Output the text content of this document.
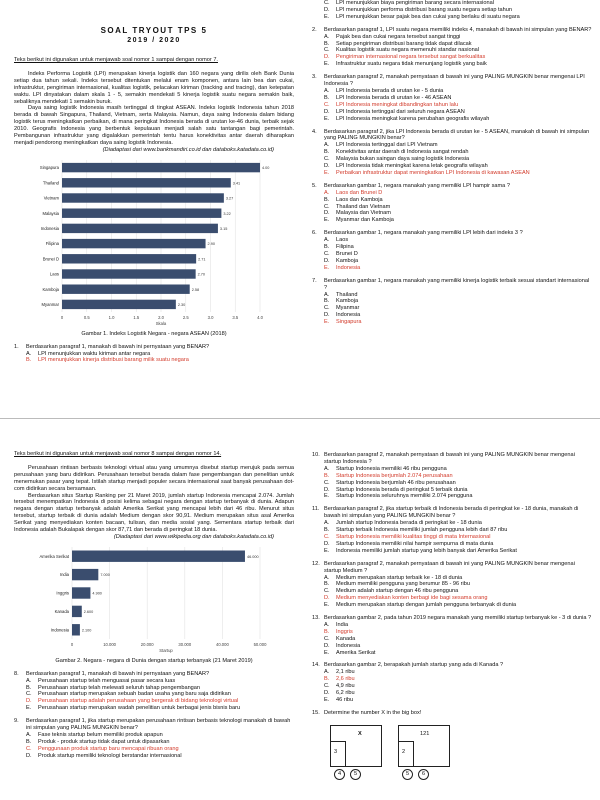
SOAL TRYOUT TPS 5
2019 / 2020
Teks berikut ini digunakan untuk menjawab soal nomor 1 sampai dengan nomor 7.

Indeks Performa Logistik (LPI) merupakan kinerja logistik dan 160 negara yang dirilis oleh Bank Dunia setiap dua tahun sekali. Indeks tersebut ditentukan melalui enam komponen, antara lain bea dan cukai, infrastruktur, pengiriman internasional, kualitas logistik, pelacakan kiriman (tracking and tracing), dan ketepatan waktu. LPI dinyatakan dalam skala 1 - 5, semakin mendekati 5 kinerja logistik suatu negara semakin baik, sebaliknya mendekati 1 semakin buruk.

Daya saing logistik Indonesia masih tertinggal di tingkat ASEAN. Indeks logistik Indonesia tahun 2018 berada di bawah Singapura, Thailand, Vietnam, serta Malaysia. Namun, daya saing Indonesia dalam bidang logistik terus meningkatkan perbaikan, di mana peringkat Indonesia berada di urutan ke-46 dunia, terbaik sejak 2010. Geografis Indonesia yang berbentuk kepulauan menjadi salah satu tantangan bagi pemerintah. Pembangunan infrastruktur yang digalakkan pemerintah tentu harus konektivitas antar daerah diharapkan menjadi pendorong meningkatkan daya saing logistik Indonesia.

(Diadaptasi dari www.bankmandiri.co.id dan databoks.katadata.co.id)
0	0.5	1.0	1.5	2.0	2.5	3.0	3.5	4.0
Skala
Singapura	4.00
Thailand	3.41
Vietnam	3.27
Malaysia	3.22
Indonesia	3.15
Filipina	2.90
Brunei D	2.71
Laos	2.70
Kamboja	2.58
Myanmar	2.30
Gambar 1. Indeks Logistik Negara - negara ASEAN (2018)
1.	Berdasarkan paragraf 1, manakah di bawah ini pernyataan yang BENAR?
A.	LPI menunjukkan waktu kiriman antar negara
B.	LPI menunjukkan kinerja distribusi barang milik suatu negara
C.	LPI menunjukkan biaya pengiriman barang secara internasional
D.	LPI menunjukkan performa distribusi barang suatu negara setiap tahun
E.	LPI menunjukkan besar pajak bea dan cukai yang berlaku di suatu negara
2.	Berdasarkan paragraf 1, LPI suatu negara memiliki indeks 4, manakah di bawah ini simpulan yang BENAR?
A.	Pajak bea dan cukai negara tersebut sangat tinggi
B.	Setiap pengiriman distribusi barang tidak dapat dilacak
C.	Kualitas logistik suatu negara memenuhi standar nasional
D.	Pengiriman internasional negara tersebut sangat berkualitas
E.	Infrastruktur suatu negara tidak menunjang logistik yang baik
3.	Berdasarkan paragraf 2, manakah pernyataan di bawah ini yang PALING MUNGKIN benar mengenai LPI Indonesia ?
A.	LPI Indonesia berada di urutan ke - 5 dunia
B.	LPI Indonesia berada di urutan ke - 46 ASEAN
C.	LPI Indonesia meningkat dibandingkan tahun lalu
D.	LPI Indonesia tertinggal dari seluruh negara ASEAN
E.	LPI Indonesia meningkat karena perubahan geografis wilayah
4.	Berdasarkan paragraf 2, jika LPI Indonesia berada di urutan ke - 5 ASEAN, manakah di bawah ini simpulan yang PALING MUNGKIN benar?
A.	LPI Indonesia tertinggal dari LPI Vietnam
B.	Konektivitas antar daerah di Indonesia sangat rendah
C.	Malaysia bukan saingan daya saing logistik Indonesia
D.	LPI Indonesia tidak meningkat karena letak geografis wilayah
E.	Perbaikan infrastruktur dapat meningkatkan LPI Indonesia di kawasan ASEAN
5.	Berdasarkan gambar 1, negara manakah yang memiliki LPI hampir sama ?
A.	Laos dan Brunei D
B.	Laos dan Kamboja
C.	Thailand dan Vietnam
D.	Malaysia dan Vietnam
E.	Myanmar dan Kamboja
6.	Berdasarkan gambar 1, negara manakah yang memiliki LPI lebih dari indeks 3 ?
A.	Laos
B.	Filipina
C.	Brunei D
D.	Kamboja
E.	Indonesia
7.	Berdasarkan gambar 1, negara manakah yang memiliki kinerja logistik terbaik sesuai standart internasional ?
A.	Thailand
B.	Kamboja
C.	Myanmar
D.	Indonesia
E.	Singapura
Teks berikut ini digunakan untuk menjawab soal nomor 8 sampai dengan nomor 14.

Perusahaan rintisan berbasis teknologi virtual atau yang umumnya disebut startup merujuk pada semua perusahaan yang baru didirikan. Perusahaan tersebut berada dalam fase pengembangan dan penelitian untuk menemukan pasar yang tepat. Istilah startup menjadi populer secara internasional saat banyak perusahaan dot-com didirikan secara bersamaan.

Berdasarkan situs Startup Ranking per 21 Maret 2019, jumlah startup Indonesia mencapai 2.074. Jumlah tersebut menempatkan Indonesia di posisi kelima sebagai negara dengan startup terbanyak di dunia. Adapun negara dengan startup terbanyak adalah Amerika Serikat yang mencapai lebih dari 46 ribu. Menurut situs tersebut, startup terbaik di dunia adalah Medium dengan skor 90,91. Medium merupakan situs asal Amerika Serikat yang menyediakan konten bacaan, tulisan, dan media sosial yang. Sementara startup terbaik dari Indonesia adalah Bukalapak dengan skor 87,71 dan berada di peringkat 18 dunia.

(Diadaptasi dari www.wikipedia.org dan databoks.katadata.co.id)
0	10.000	20.000	30.000	40.000	50.000
Startup
Amerika Serikat	46.000
India	7.000
Inggris	4.900
Kanada	2.600
Indonesia	2.100
Gambar 2. Negara - negara di Dunia dengan startup terbanyak (21 Maret 2019)
8.	Berdasarkan paragraf 1, manakah di bawah ini pernyataan yang BENAR?
A.	Perusahaan startup telah menguasai pasar secara luas
B.	Perusahaan startup telah melewati seluruh tahap pengembangan
C.	Perusahaan startup merupakan sebuah badan usaha yang baru saja didirikan
D.	Perusahaan startup adalah perusahaan yang bergerak di bidang teknologi virtual
E.	Perusahaan startup merupakan wadah penelitian untuk berbagai jenis bisnis baru
9.	Berdasarkan paragraf 1, jika startup merupakan perusahaan rintisan berbasis teknologi manakah di bawah ini simpulan yang PALING MUNGKIN benar?
A.	Fase teknis startup belum memiliki produk apapun
B.	Produk - produk startup tidak dapat untuk dipasarkan
C.	Penggunaan produk startup baru mencapai ribuan orang
D.	Produk startup memiliki teknologi berstandar internasional
10. Berdasarkan paragraf 2, manakah pernyataan di bawah ini yang PALING MUNGKIN benar mengenai startup Indonesia ?
A.	Startup Indonesia memiliki 46 ribu pengguna
B.	Startup Indonesia berjumlah 2.074 perusahaan
C.	Startup Indonesia berjumlah 46 ribu perusahaan
D.	Startup Indonesia berada di peringkat 5 terbaik dunia
E.	Startup Indonesia seluruhnya memiliki 2.074 pengguna
11. Berdasarkan paragraf 2, jika startup terbaik di Indonesia berada di peringkat ke - 18 dunia, manakah di bawah ini simpulan yang PALING MUNGKIN benar ?
A.	Jumlah startup Indonesia berada di peringkat ke - 18 dunia
B.	Startup terbaik Indonesia memiliki jumlah pengguna lebih dari 87 ribu
C.	Startup Indonesia memiliki kualitas tinggi di mata Internasional
D.	Startup Indonesia memiliki nilai hampir sempurna di mata dunia
E.	Indonesia memiliki jumlah startup yang lebih banyak dari Amerika Serikat
12. Berdasarkan paragraf 2, manakah pernyataan di bawah ini yang PALING MUNGKIN benar mengenai startup Medium ?
A.	Medium merupakan startup terbaik ke - 18 di dunia
B.	Medium memiliki pengguna yang berumur 85 - 96 ribu
C.	Medium adalah startup dengan 46 ribu pengguna
D.	Medium menyediakan konten berbagi ide bagi sesama orang
E.	Medium merupakan startup dengan jumlah pengguna terbanyak di dunia
13. Berdasarkan gambar 2, pada tahun 2019 negara manakah yang memiliki startup terbanyak ke - 3 di dunia ?
A.	India
B.	Inggris
C.	Kanada
D.	Indonesia
E.	Amerika Serikat
14. Berdasarkan gambar 2, berapakah jumlah startup yang ada di Kanada ?
A.	2,1 ribu
B.	2,6 ribu
C.	4,9 ribu
D.	6,2 ribu
E.	46 ribu
15. Determine the number X in the big box!
3
X
2
121
4	5	5	6
